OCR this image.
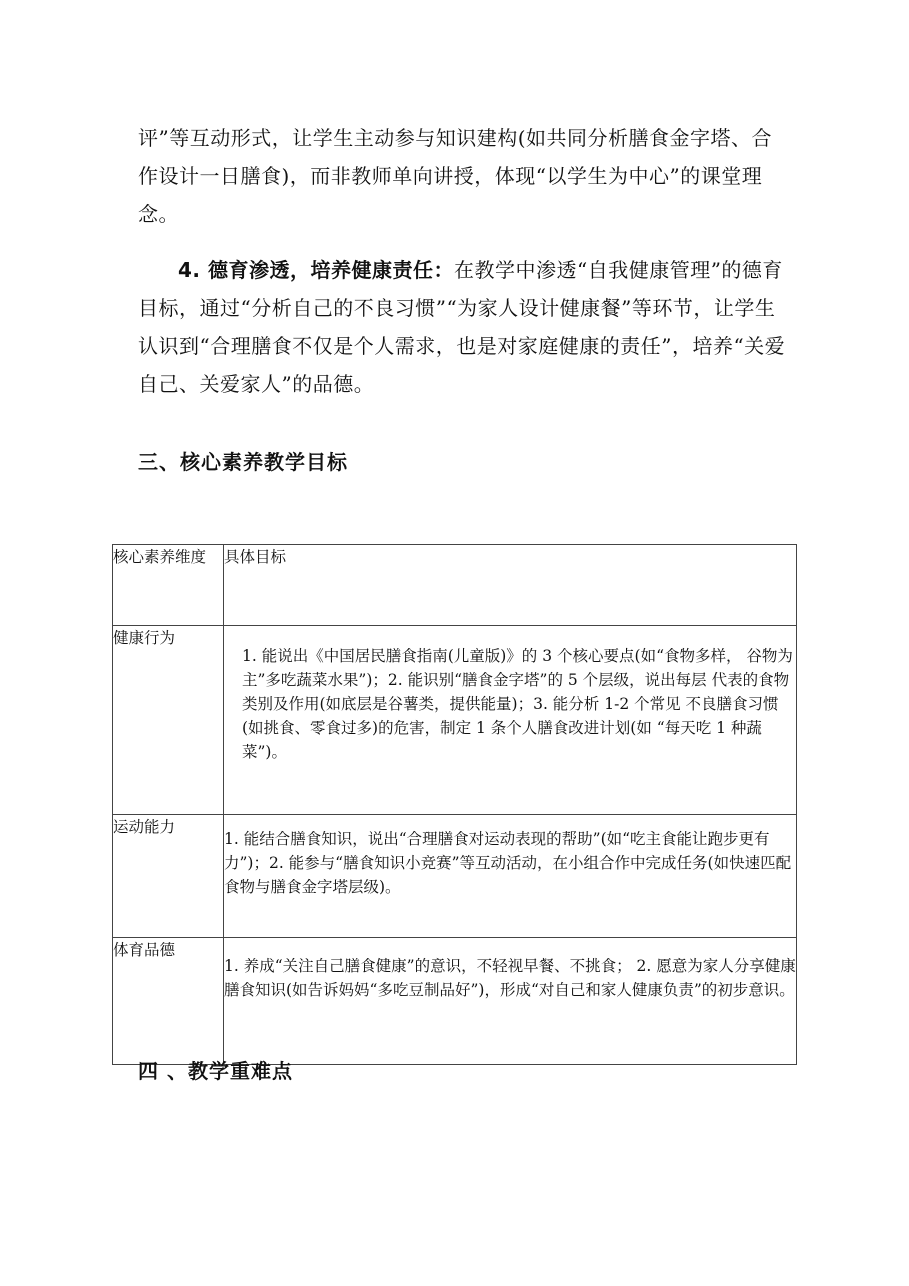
评”等互动形式，让学生主动参与知识建构(如共同分析膳食金字塔、合作设计一日膳食)，而非教师单向讲授，体现“以学生为中心”的课堂理念。

4. 德育渗透，培养健康责任：在教学中渗透“自我健康管理”的德育目标，通过“分析自己的不良习惯”“为家人设计健康餐”等环节，让学生认识到“合理膳食不仅是个人需求，也是对家庭健康的责任”，培养“关爱自己、关爱家人”的品德。

三、核心素养教学目标
核心素养维度	具体目标
健康行为	1. 能说出《中国居民膳食指南(儿童版)》的 3 个核心要点(如“食物多样， 谷物为主”多吃蔬菜水果”)；2. 能识别“膳食金字塔”的 5 个层级，说出每层 代表的食物类别及作用(如底层是谷薯类，提供能量)；3. 能分析 1-2 个常见 不良膳食习惯(如挑食、零食过多)的危害，制定 1 条个人膳食改进计划(如 “每天吃 1 种蔬菜”)。
运动能力	1. 能结合膳食知识，说出“合理膳食对运动表现的帮助”(如“吃主食能让跑步更有力”)；2. 能参与“膳食知识小竞赛”等互动活动，在小组合作中完成任务(如快速匹配食物与膳食金字塔层级)。
体育品德	1. 养成“关注自己膳食健康”的意识，不轻视早餐、不挑食； 2. 愿意为家人分享健康膳食知识(如告诉妈妈“多吃豆制品好”)，形成“对自己和家人健康负责”的初步意识。
四 、教学重难点
